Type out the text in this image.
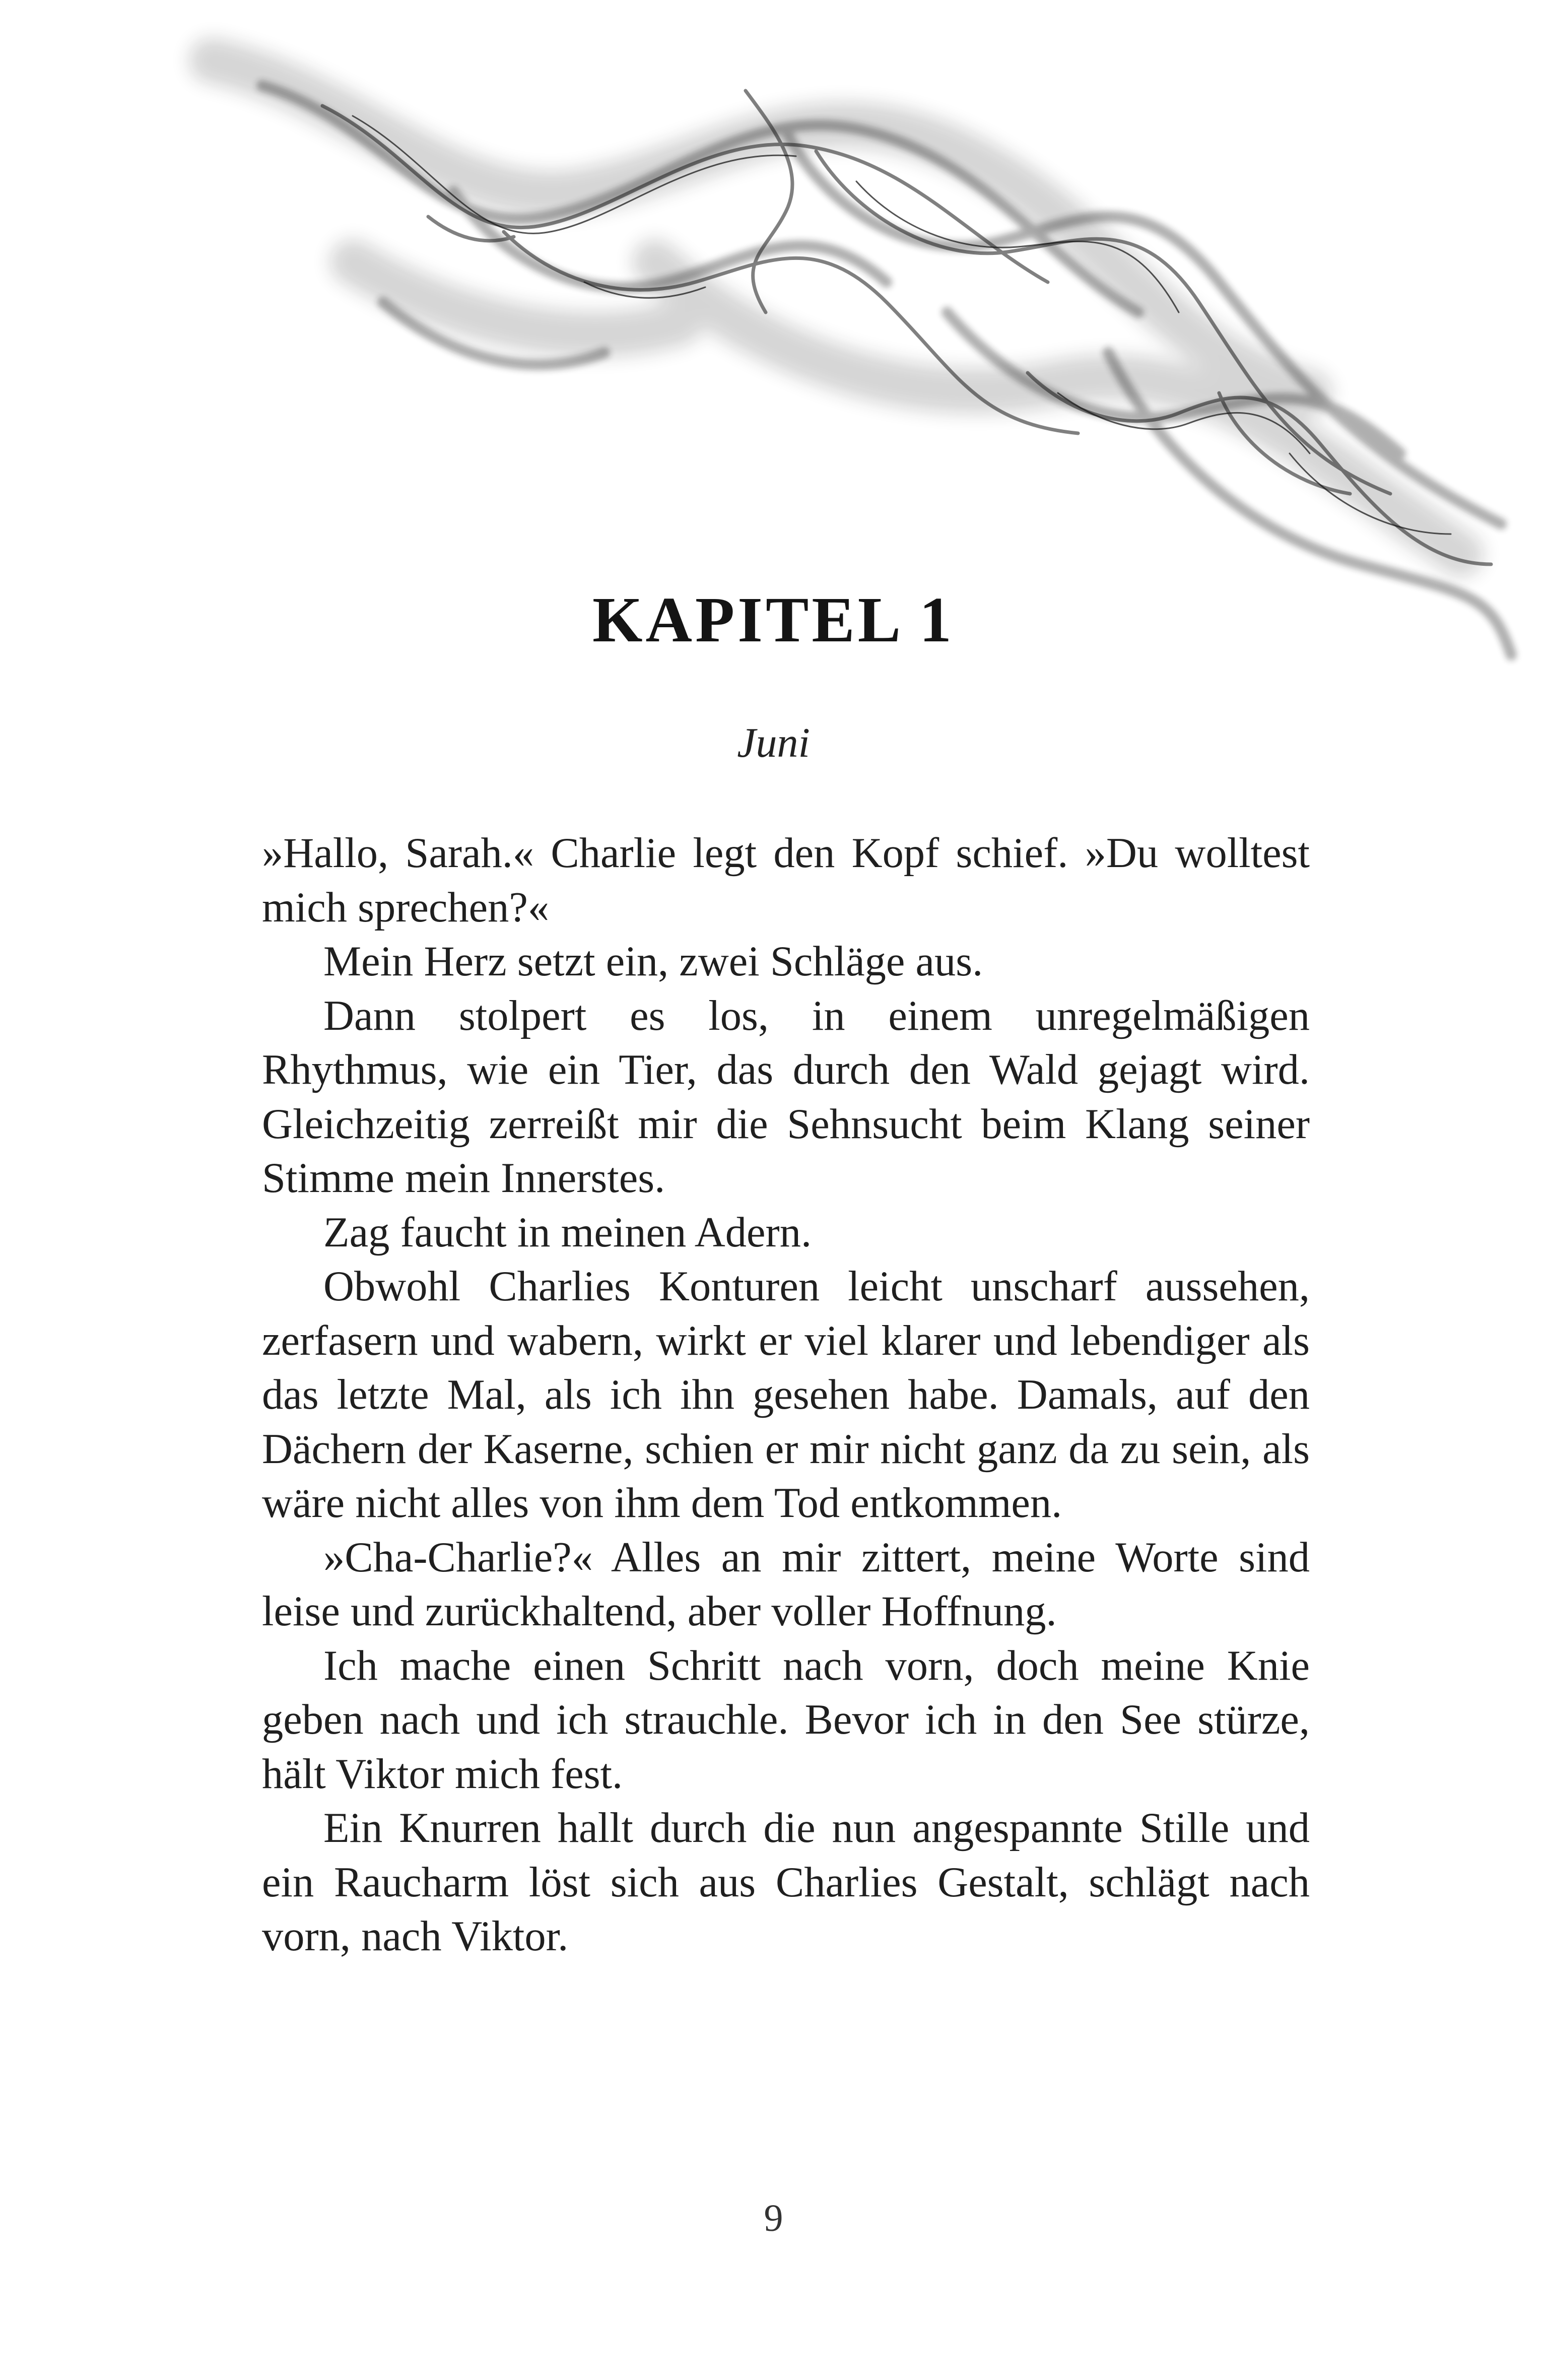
KAPITEL 1
Juni

»Hallo, Sarah.« Charlie legt den Kopf schief. »Du wolltest mich sprechen?«

Mein Herz setzt ein, zwei Schläge aus.

Dann stolpert es los, in einem unregelmäßigen Rhythmus, wie ein Tier, das durch den Wald gejagt wird. Gleichzeitig zerreißt mir die Sehnsucht beim Klang seiner Stimme mein Innerstes.

Zag faucht in meinen Adern.

Obwohl Charlies Konturen leicht unscharf aussehen, zerfasern und wabern, wirkt er viel klarer und lebendiger als das letzte Mal, als ich ihn gesehen habe. Damals, auf den Dächern der Kaserne, schien er mir nicht ganz da zu sein, als wäre nicht alles von ihm dem Tod entkommen.

»Cha-Charlie?« Alles an mir zittert, meine Worte sind leise und zurückhaltend, aber voller Hoffnung.

Ich mache einen Schritt nach vorn, doch meine Knie geben nach und ich strauchle. Bevor ich in den See stürze, hält Viktor mich fest.

Ein Knurren hallt durch die nun angespannte Stille und ein Raucharm löst sich aus Charlies Gestalt, schlägt nach vorn, nach Viktor.

9
